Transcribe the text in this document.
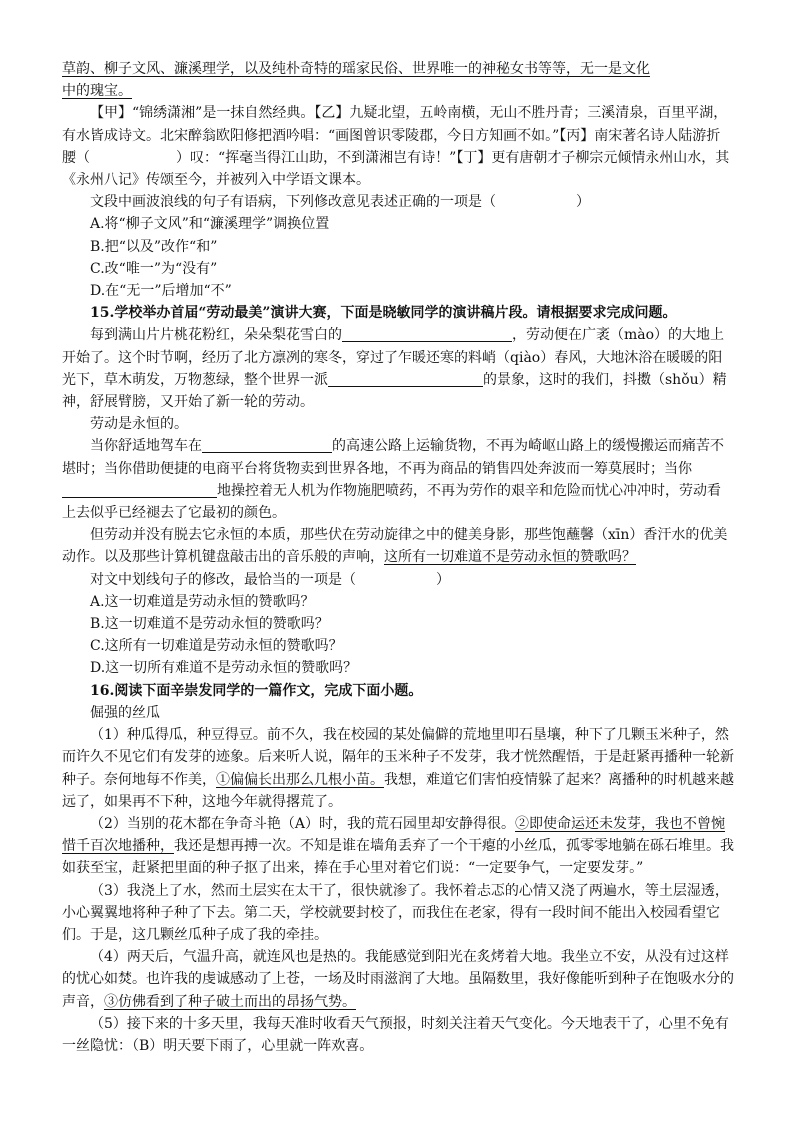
草韵、柳子文风、濂溪理学，以及纯朴奇特的瑶家民俗、世界唯一的神秘女书等等，无一是文化

中的瑰宝。

【甲】“锦绣潇湘”是一抹自然经典。【乙】九疑北望，五岭南横，无山不胜丹青；三溪清泉，百里平湖，有水皆成诗文。北宋醉翁欧阳修把酒吟唱：“画图曾识零陵郡，今日方知画不如。”【丙】南宋著名诗人陆游折腰（	）叹：“挥毫当得江山助，不到潇湘岂有诗！”【丁】更有唐朝才子柳宗元倾情永州山水，其《永州八记》传颂至今，并被列入中学语文课本。

文段中画波浪线的句子有语病，下列修改意见表述正确的一项是（	）

A.将“柳子文风”和“濂溪理学”调换位置

B.把“以及”改作“和”

C.改“唯一”为“没有”

D.在“无一”后增加“不”

15.学校举办首届“劳动最美”演讲大赛，下面是晓敏同学的演讲稿片段。请根据要求完成问题。

每到满山片片桃花粉红，朵朵梨花雪白的	，劳动便在广袤（mào）的大地上开始了。这个时节啊，经历了北方凛冽的寒冬，穿过了乍暖还寒的料峭（qiào）春风，大地沐浴在暖暖的阳光下，草木萌发，万物葱绿，整个世界一派	的景象，这时的我们，抖擞（shǒu）精神，舒展臂膀，又开始了新一轮的劳动。

劳动是永恒的。

当你舒适地驾车在	的高速公路上运输货物，不再为崎岖山路上的缓慢搬运而痛苦不堪时；当你借助便捷的电商平台将货物卖到世界各地，不再为商品的销售四处奔波而一筹莫展时；当你地操控着无人机为作物施肥喷药，不再为劳作的艰辛和危险而忧心冲冲时，劳动看上去似乎已经褪去了它最初的颜色。

但劳动并没有脱去它永恒的本质，那些伏在劳动旋律之中的健美身影，那些饱蘸馨（xīn）香汗水的优美动作。以及那些计算机键盘敲击出的音乐般的声响，这所有一切难道不是劳动永恒的赞歌吗？

对文中划线句子的修改，最恰当的一项是（	）

A.这一切难道是劳动永恒的赞歌吗？

B.这一切难道不是劳动永恒的赞歌吗？

C.这所有一切难道是劳动永恒的赞歌吗？

D.这一切所有难道不是劳动永恒的赞歌吗？

16.阅读下面辛崇发同学的一篇作文，完成下面小题。

倔强的丝瓜

（1）种瓜得瓜，种豆得豆。前不久，我在校园的某处偏僻的荒地里叩石垦壤，种下了几颗玉米种子，然而许久不见它们有发芽的迹象。后来听人说，隔年的玉米种子不发芽，我才恍然醒悟，于是赶紧再播种一轮新种子。奈何地每不作美，①偏偏长出那么几根小苗。我想，难道它们害怕疫情躲了起来？离播种的时机越来越远了，如果再不下种，这地今年就得撂荒了。

（2）当别的花木都在争奇斗艳（A）时，我的荒石园里却安静得很。②即使命运还未发芽，我也不曾惋惜千百次地播种，我还是想再搏一次。不知是谁在墙角丢弃了一个干瘪的小丝瓜，孤零零地躺在砾石堆里。我如获至宝，赶紧把里面的种子抠了出来，捧在手心里对着它们说：“一定要争气，一定要发芽。”

（3）我浇上了水，然而土层实在太干了，很快就渗了。我怀着忐忑的心情又浇了两遍水，等土层湿透，小心翼翼地将种子种了下去。第二天，学校就要封校了，而我住在老家，得有一段时间不能出入校园看望它们。于是，这几颗丝瓜种子成了我的牵挂。

（4）两天后，气温升高，就连风也是热的。我能感觉到阳光在炙烤着大地。我坐立不安，从没有过这样的忧心如焚。也许我的虔诚感动了上苍，一场及时雨滋润了大地。虽隔数里，我好像能听到种子在饱吸水分的声音，③仿佛看到了种子破土而出的昂扬气势。

（5）接下来的十多天里，我每天准时收看天气预报，时刻关注着天气变化。今天地表干了，心里不免有一丝隐忧：（B）明天要下雨了，心里就一阵欢喜。
